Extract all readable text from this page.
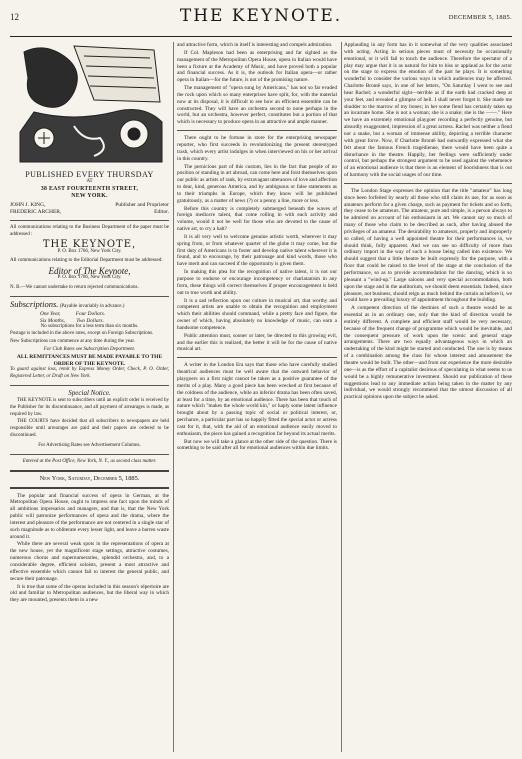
12	THE KEYNOTE.	DECEMBER 5, 1885.
PUBLISHED EVERY THURSDAY
AT
38 EAST FOURTEENTH STREET,
NEW YORK.
JOHN J. KING,	Publisher and Proprietor
FREDERIC ARCHER,	Editor.

All communications relating to the Business Department of the paper must be addressed :

THE KEYNOTE,
P. O. Box 1766, New York City.

All communications relating to the Editorial Department must be addressed:

Editor of The Keynote,
P. O. Box 1766, New York City.

N. B.—We cannot undertake to return rejected communications.

Subscriptions. (Payable invariably in advance.)
One Year,	Four Dollars.
Six Months, Two Dollars.
No subscriptions for a less term than six months.

Postage is included in the above rates, except on Foreign Subscriptions.

New Subscriptions can commence at any time during the year.

For Club Rates see Subscription Department.
ALL REMITTANCES MUST BE MADE PAYABLE TO THE ORDER OF THE KEYNOTE.

To guard against loss, remit by Express Money Order, Check, P. O. Order, Registered Letter, or Draft on New York.

Special Notice.

THE KEYNOTE is sent to subscribers until an explicit order is received by the Publisher for its discontinuance, and all payment of arrearages is made, as required by law.

THE COURTS have decided that all subscribers to newspapers are held responsible until arrearages are paid and their papers are ordered to be discontinued.

For Advertising Rates see Advertisement Columns.
Entered at the Post Office, New York, N. Y., as second class matter.
New York, Saturday, December 5, 1885.

The popular and financial success of opera in German, at the Metropolitan Opera House, ought to impress one fact upon the minds of all ambitious impresarios and managers, and that is, that the New York public will patronize performances of opera and the drama, where the interest and pleasure of the performance are not centered in a single star of such magnitude as to obliterate every lesser light, and leave a barren waste around it.

While there are several weak spots in the representations of opera at the new house, yet the magnificent stage settings, attractive costumes, numerous chorus and supernumeraries, splendid orchestra, and, to a considerable degree, efficient soloists, present a most attractive and effective ensemble which cannot fail to interest the general public, and secure their patronage.

It is true that some of the operas included in this season's répertoire are old and familiar to Metropolitan audiences, but the liberal way in which they are mounted, presents them in a new

and attractive form, which in itself is interesting and compels admiration.

If Col. Mapleson had been as enterprising and far sighted as the management of the Metropolitan Opera House, opera in Italian would have been a fixture at the Academy of Music, and have proved both a popular and financial success. As it is, the outlook for Italian opera—or rather opera in Italian—for the future, is not of the promising nature.

The management of "opera sung by Americans," has not so far evaded the rock upon which so many enterprises have split, for, with the material now at its disposal, it is difficult to see how an efficient ensemble can be constructed. They will have an orchestra second to none perhaps in the world, but an orchestra, however perfect, constitutes but a portion of that which is necessary to produce opera in an attractive and ample manner.

There ought to be fortune in store for the enterprising newspaper reporter, who first succeeds in revolutionizing the present stereotyped trash, which every artist indulges in when interviewed on his or her arrival in this country.

The pernicious part of this custom, lies in the fact that people of no position or standing in art abroad, can come here and foist themselves upon our public as artists of rank, by extravagant utterances of love and affection to dear, kind, generous America, and by ambiguous or false statements as to their triumphs in Europe, which they know will be published gratuitously, as a matter of news (?) or a penny a line, more or less.

Before this country is completely submerged beneath the waves of foreign mediocre talent, that come rolling in with each activity and volume, would it not be well for those who are devoted to the cause of native art, to cry a halt?

It is all very well to welcome genuine artistic worth, wherever it may spring from, or from whatever quarter of the globe it may come, but the first duty of Americans is to foster and develop native talent wherever it is found, and to encourage, by their patronage and kind words, those who have merit and can succeed if the opportunity is given them.

In making this plea for the recognition of native talent, it is not our purpose to endorse or encourage incompetency or charlatanism in any form, these things will correct themselves if proper encouragement is held out to true worth and ability.

It is a sad reflection upon our culture in musical art, that worthy and competent artists are unable to obtain the recognition and employment which their abilities should command, while a pretty face and figure, the owner of which, having absolutely no knowledge of music, can earn a handsome competence.

Public attention must, sooner or later, be directed to this growing evil, and the earlier this is realized, the better it will be for the cause of native musical art.

A writer in the London Era says that those who have carefully studied theatrical audiences must be well aware that the outward behavior of playgoers on a first night cannot be taken as a positive guarantee of the merits of a play. Many a good piece has been wrecked at first because of the coldness of the audience, while an inferior drama has been often saved, at least for a time, by an emotional audience. There has been that touch of nature which "makes the whole world kin," or haply some latent influence brought about by a passing topic of social or political interest, or, perchance, a particular part has so happily fitted the special actor or actress cast for it, that, with the aid of an emotional audience easily moved to enthusiasm, the piece has gained a recognition far beyond its actual merits.

But now we will take a glance at the other side of the question. There is something to be said after all for emotional audiences within due limits.

Applauding in any form has in it somewhat of the very qualities associated with acting. Acting in serious pieces must of necessity be occasionally emotional, or it will fail to touch the audience. Therefore the spectator of a play may argue that it is as natural for him to hiss or applaud as for the actor on the stage to express the emotion of the part he plays. It is something wonderful to consider the various ways in which audiences may be affected. Charlotte Brontë says, in one of her letters, "On Saturday I went to see and hear Rachel; a wonderful sight—terrible as if the earth had cracked deep at your feet, and revealed a glimpse of hell. I shall never forget it. She made me shudder to the marrow of my bones; in her some fiend has certainly taken up an incarnate home. She is not a woman; she is a snake; she is the ——." Here we have an extremely emotional playgoer recording a perfectly genuine, but absurdly exaggerated, impression of a great actress. Rachel was neither a fiend nor a snake, but a woman of immense ability, depicting a terrible character with great force. Now, if Charlotte Brontë had outwardly expressed what she felt about the famous French tragédienne, there would have been quite a disturbance in the theatre. Happily, her feelings were sufficiently under control, but perhaps the strongest argument to be used against the vehemence of an emotional audience is that there is an element of boorishness that is out of harmony with the social usages of our time.

The London Stage expresses the opinion that the title "amateur" has long since been forfeited by nearly all those who still claim its use, for as soon as amateurs perform for a given charge, such as payment for tickets and so forth, they cease to be amateurs. The amateur, pure and simple, is a person always to be admired on account of his enthusiasm in art. We cannot say so much of many of those who claim to be described as such, after having abused the privileges of an amateur. The desirability to amateurs, properly and improperly so called, of having a well appointed theatre for their performances in, we should think, fully apparent. And we can see no difficulty of more than ordinary import in the way of such a house being called into existence. We should suggest that a little theatre be built expressly for the purpose, with a floor that could be raised to the level of the stage at the conclusion of the performance, so as to provide accommodation for the dancing, which is so pleasant a "wind-up." Large saloons and very special accommodation, both upon the stage and in the auditorium, we should deem essentials. Indeed, since pleasure, not business, should reign as much behind the curtain as before it, we would have a prevailing luxury of appointment throughout the building.

A competent direction of the destinies of such a theatre would be as essential as in an ordinary one, only that the kind of direction would be entirely different. A complete and efficient staff would be very necessary, because of the frequent change of programme which would be inevitable, and the consequent pressure of work upon the scenic and general stage arrangements. There are two equally advantageous ways in which an undertaking of the kind might be started and conducted. The one is by means of a combination among the class for whose interest and amusement the theatre would be built. The other—and from our experience the more desirable one—is as the effort of a capitalist desirous of speculating in what seems to us would be a highly remunerative investment. Should our publication of these suggestions lead to any immediate action being taken in the matter by any individual, we would strongly recommend that the utmost discussion of all practical opinions upon the subject be asked.
